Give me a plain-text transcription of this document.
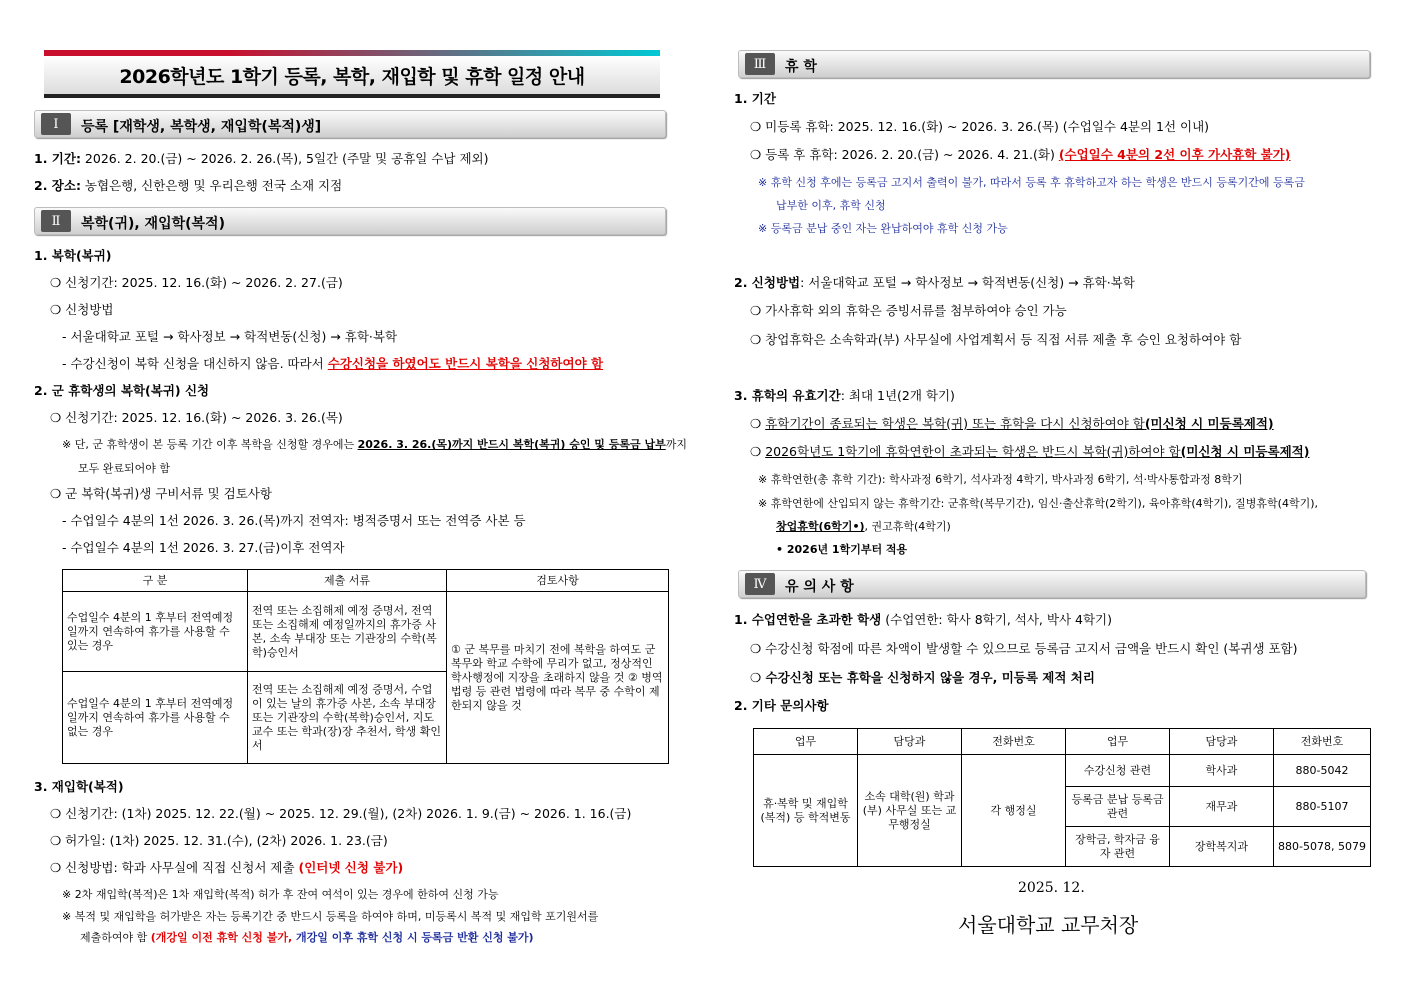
2026학년도 1학기 등록, 복학, 재입학 및 휴학 일정 안내
Ⅰ	등록 [재학생, 복학생, 재입학(복적)생]
1. 기간: 2026. 2. 20.(금) ~ 2026. 2. 26.(목), 5일간 (주말 및 공휴일 수납 제외)
2. 장소: 농협은행, 신한은행 및 우리은행 전국 소재 지점
Ⅱ	복학(귀), 재입학(복적)
1. 복학(복귀)
❍ 신청기간: 2025. 12. 16.(화) ~ 2026. 2. 27.(금)
❍ 신청방법
- 서울대학교 포털 → 학사정보 → 학적변동(신청) → 휴학·복학
- 수강신청이 복학 신청을 대신하지 않음. 따라서 수강신청을 하였어도 반드시 복학을 신청하여야 함
2. 군 휴학생의 복학(복귀) 신청
❍ 신청기간: 2025. 12. 16.(화) ~ 2026. 3. 26.(목)
※ 단, 군 휴학생이 본 등록 기간 이후 복학을 신청할 경우에는 2026. 3. 26.(목)까지 반드시 복학(복귀) 승인 및 등록금 납부까지
모두 완료되어야 함
❍ 군 복학(복귀)생 구비서류 및 검토사항
- 수업일수 4분의 1선 2026. 3. 26.(목)까지 전역자: 병적증명서 또는 전역증 사본 등
- 수업일수 4분의 1선 2026. 3. 27.(금)이후 전역자
구 분	제출 서류	검토사항
수업일수 4분의 1 후부터 전역예정일까지 연속하여 휴가를 사용할 수 있는 경우	전역 또는 소집해제 예정 증명서, 전역 또는 소집해제 예정일까지의 휴가증 사본, 소속 부대장 또는 기관장의 수학(복학)승인서	① 군 복무를 마치기 전에 복학을 하여도 군 복무와 학교 수학에 무리가 없고, 정상적인 학사행정에 지장을 초래하지 않을 것 ② 병역법령 등 관련 법령에 따라 복무 중 수학이 제한되지 않을 것
수업일수 4분의 1 후부터 전역예정일까지 연속하여 휴가를 사용할 수 없는 경우	전역 또는 소집해제 예정 증명서, 수업이 있는 날의 휴가증 사본, 소속 부대장 또는 기관장의 수학(복학)승인서, 지도교수 또는 학과(장)장 추천서, 학생 확인서	
3. 재입학(복적)
❍ 신청기간: (1차) 2025. 12. 22.(월) ~ 2025. 12. 29.(월), (2차) 2026. 1. 9.(금) ~ 2026. 1. 16.(금)
❍ 허가일: (1차) 2025. 12. 31.(수), (2차) 2026. 1. 23.(금)
❍ 신청방법: 학과 사무실에 직접 신청서 제출 (인터넷 신청 불가)
※ 2차 재입학(복적)은 1차 재입학(복적) 허가 후 잔여 여석이 있는 경우에 한하여 신청 가능
※ 복적 및 재입학을 허가받은 자는 등록기간 중 반드시 등록을 하여야 하며, 미등록시 복적 및 재입학 포기원서를
제출하여야 함 (개강일 이전 휴학 신청 불가, 개강일 이후 휴학 신청 시 등록금 반환 신청 불가)
Ⅲ	휴 학
1. 기간
❍ 미등록 휴학: 2025. 12. 16.(화) ~ 2026. 3. 26.(목) (수업일수 4분의 1선 이내)
❍ 등록 후 휴학: 2026. 2. 20.(금) ~ 2026. 4. 21.(화) (수업일수 4분의 2선 이후 가사휴학 불가)
※ 휴학 신청 후에는 등록금 고지서 출력이 불가, 따라서 등록 후 휴학하고자 하는 학생은 반드시 등록기간에 등록금
납부한 이후, 휴학 신청
※ 등록금 분납 중인 자는 완납하여야 휴학 신청 가능
2. 신청방법: 서울대학교 포털 → 학사정보 → 학적변동(신청) → 휴학·복학
❍ 가사휴학 외의 휴학은 증빙서류를 첨부하여야 승인 가능
❍ 창업휴학은 소속학과(부) 사무실에 사업계획서 등 직접 서류 제출 후 승인 요청하여야 함
3. 휴학의 유효기간: 최대 1년(2개 학기)
❍ 휴학기간이 종료되는 학생은 복학(귀) 또는 휴학을 다시 신청하여야 함(미신청 시 미등록제적)
❍ 2026학년도 1학기에 휴학연한이 초과되는 학생은 반드시 복학(귀)하여야 함(미신청 시 미등록제적)
※ 휴학연한(총 휴학 기간): 학사과정 6학기, 석사과정 4학기, 박사과정 6학기, 석·박사통합과정 8학기
※ 휴학연한에 산입되지 않는 휴학기간: 군휴학(복무기간), 임신·출산휴학(2학기), 육아휴학(4학기), 질병휴학(4학기),
창업휴학(6학기•), 권고휴학(4학기)
• 2026년 1학기부터 적용
Ⅳ	유 의 사 항
1. 수업연한을 초과한 학생 (수업연한: 학사 8학기, 석사, 박사 4학기)
❍ 수강신청 학점에 따른 차액이 발생할 수 있으므로 등록금 고지서 금액을 반드시 확인 (복귀생 포함)
❍ 수강신청 또는 휴학을 신청하지 않을 경우, 미등록 제적 처리
2. 기타 문의사항
업무	담당과	전화번호	업무	담당과	전화번호
휴·복학 및 재입학(복적) 등 학적변동	소속 대학(원) 학과(부) 사무실 또는 교무행정실	각 행정실	수강신청 관련	학사과	880-5042
			등록금 분납 등록금 관련	재무과	880-5107
			장학금, 학자금 융자 관련	장학복지과	880-5078, 5079
2025. 12.
서울대학교 교무처장
